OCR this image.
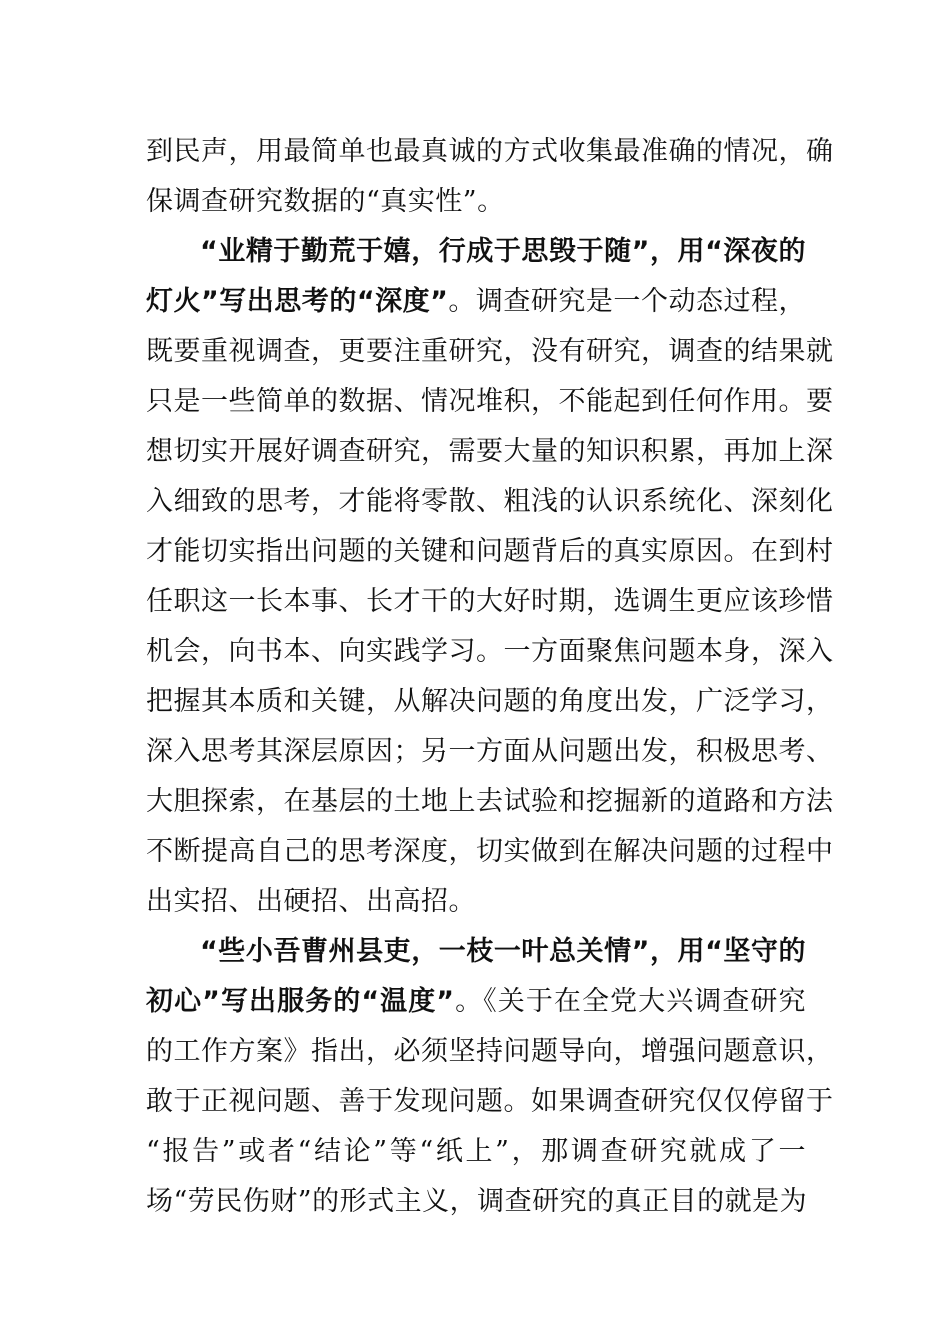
到民声，用最简单也最真诚的方式收集最准确的情况，确
保调查研究数据的“真实性”。
“业精于勤荒于嬉，行成于思毁于随”，用“深夜的
灯火”写出思考的“深度”。调查研究是一个动态过程，
既要重视调查，更要注重研究，没有研究，调查的结果就
只是一些简单的数据、情况堆积，不能起到任何作用。要
想切实开展好调查研究，需要大量的知识积累，再加上深
入细致的思考，才能将零散、粗浅的认识系统化、深刻化
才能切实指出问题的关键和问题背后的真实原因。在到村
任职这一长本事、长才干的大好时期，选调生更应该珍惜
机会，向书本、向实践学习。一方面聚焦问题本身，深入
把握其本质和关键，从解决问题的角度出发，广泛学习，
深入思考其深层原因；另一方面从问题出发，积极思考、
大胆探索，在基层的土地上去试验和挖掘新的道路和方法
不断提高自己的思考深度，切实做到在解决问题的过程中
出实招、出硬招、出高招。
“些小吾曹州县吏，一枝一叶总关情”，用“坚守的
初心”写出服务的“温度”。《关于在全党大兴调查研究
的工作方案》指出，必须坚持问题导向，增强问题意识，
敢于正视问题、善于发现问题。如果调查研究仅仅停留于
“报告”或者“结论”等“纸上”，那调查研究就成了一
场“劳民伤财”的形式主义，调查研究的真正目的就是为
